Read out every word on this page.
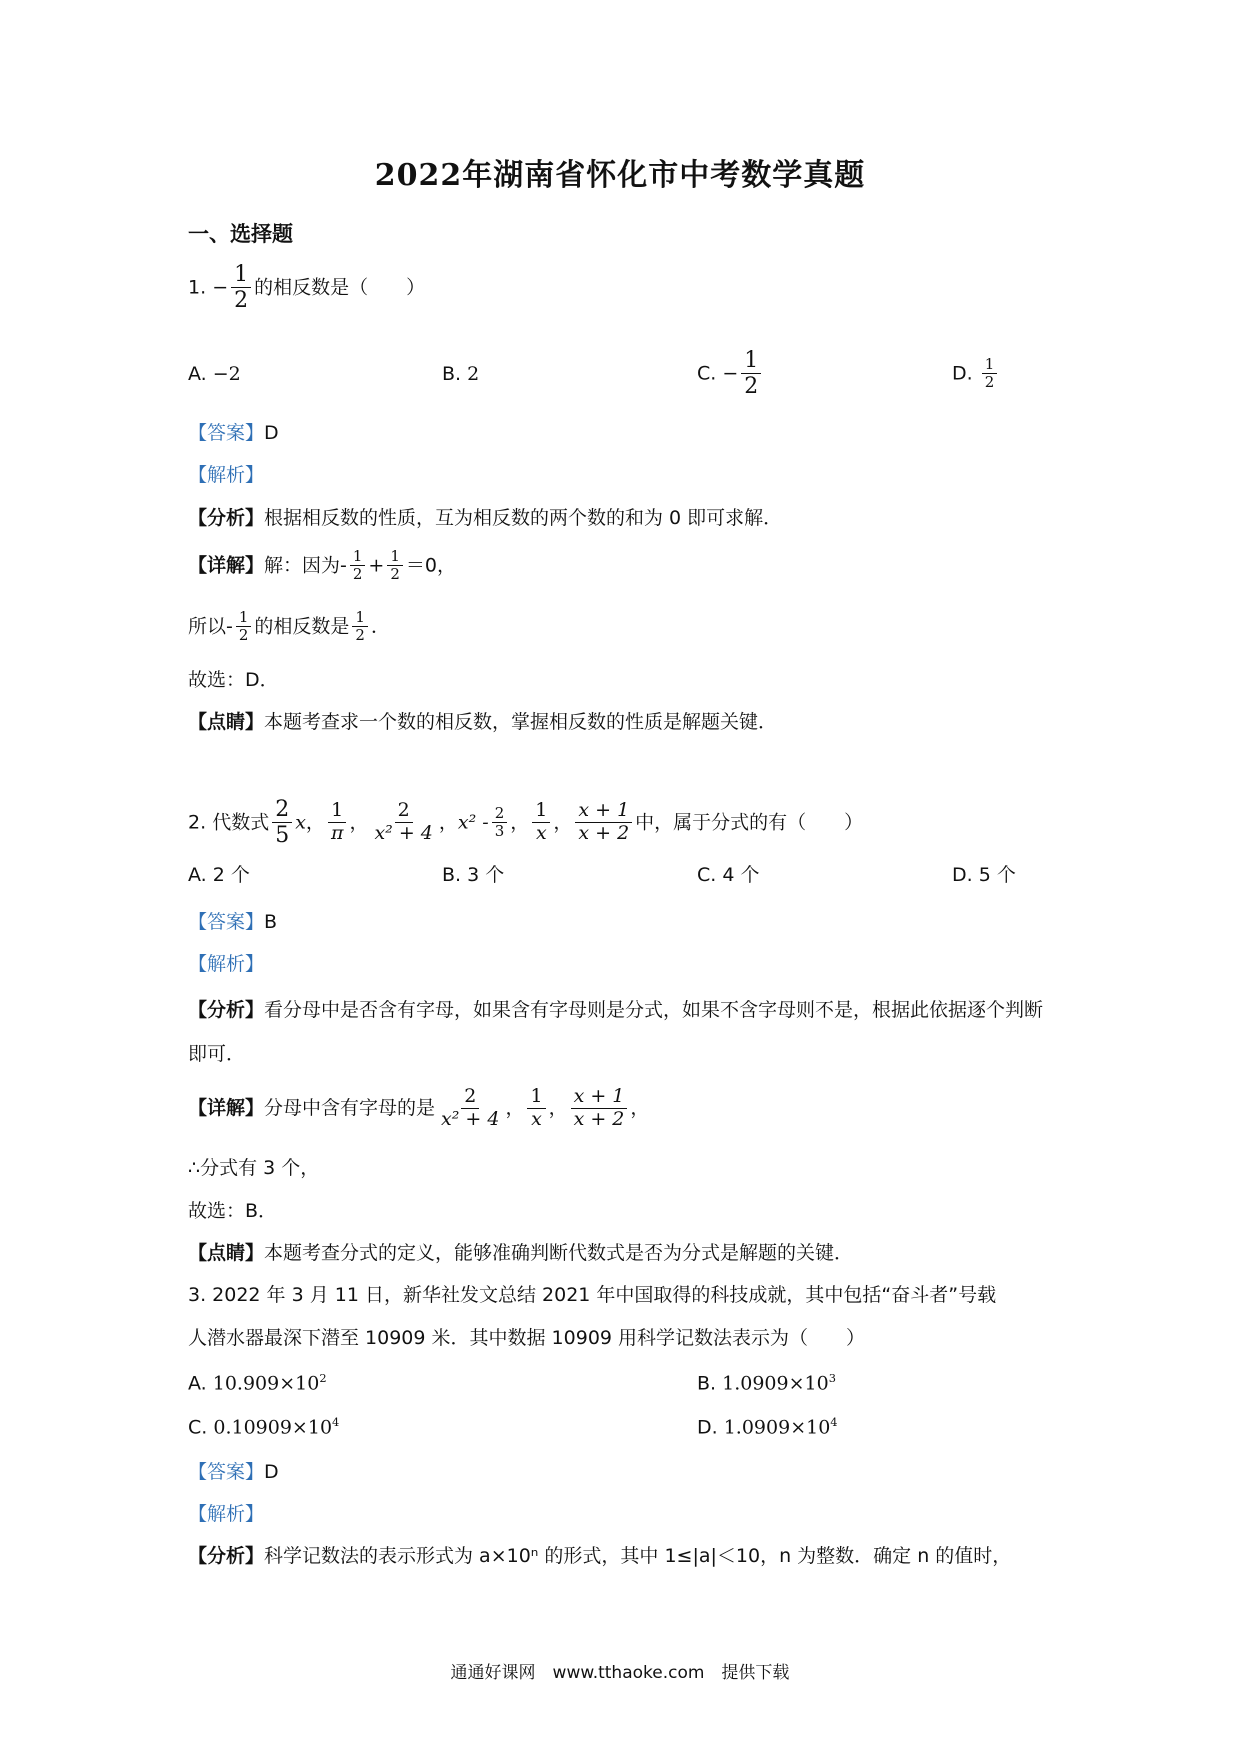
2022年湖南省怀化市中考数学真题
一、选择题
1. − $\frac{1}{2}$ 的相反数是（　　）
A. −2	B. 2	C. − $\frac{1}{2}$	D. $\frac{1}{2}$
【答案】D
【解析】
【分析】根据相反数的性质，互为相反数的两个数的和为 0 即可求解．
【详解】解：因为- $\frac{1}{2} + \frac{1}{2} =0$，
所以- $\frac{1}{2}$ 的相反数是 $\frac{1}{2}$ ．
故选：D．
【点睛】本题考查求一个数的相反数，掌握相反数的性质是解题关键．
2. 代数式 $\frac{2}{5}$ x， $\frac{1}{\pi}$ ， $\frac{2}{\text{x² + 4}}$ ，$x^2 - \frac{2}{3}$ ， $\frac{1}{x}$ ， $\frac{x + 1}{x + 2}$ 中，属于分式的有（　　）
A. 2 个	B. 3 个	C. 4 个	D. 5 个
【答案】B
【解析】
【分析】看分母中是否含有字母，如果含有字母则是分式，如果不含字母则不是，根据此依据逐个判断即可．
【详解】分母中含有字母的是 $\frac{2}{\text{x² + 4}}$ ， $\frac{1}{x}$ ， $\frac{x + 1}{x + 2}$ ，
∴分式有 3 个，
故选：B．
【点睛】本题考查分式的定义，能够准确判断代数式是否为分式是解题的关键．
3. 2022 年 3 月 11 日，新华社发文总结 2021 年中国取得的科技成就，其中包括“奋斗者”号载
人潜水器最深下潜至 10909 米．其中数据 10909 用科学记数法表示为（　　）
A. $10.909\times 10^2$	B. $1.0909\times 10^3$
C. $0.10909\times 10^4$	D. $1.0909\times 10^4$
【答案】D
【解析】
【分析】科学记数法的表示形式为 a×10ⁿ 的形式，其中 1≤|a|＜10，n 为整数．确定 n 的值时，
通通好课网　www.tthaoke.com　提供下载
